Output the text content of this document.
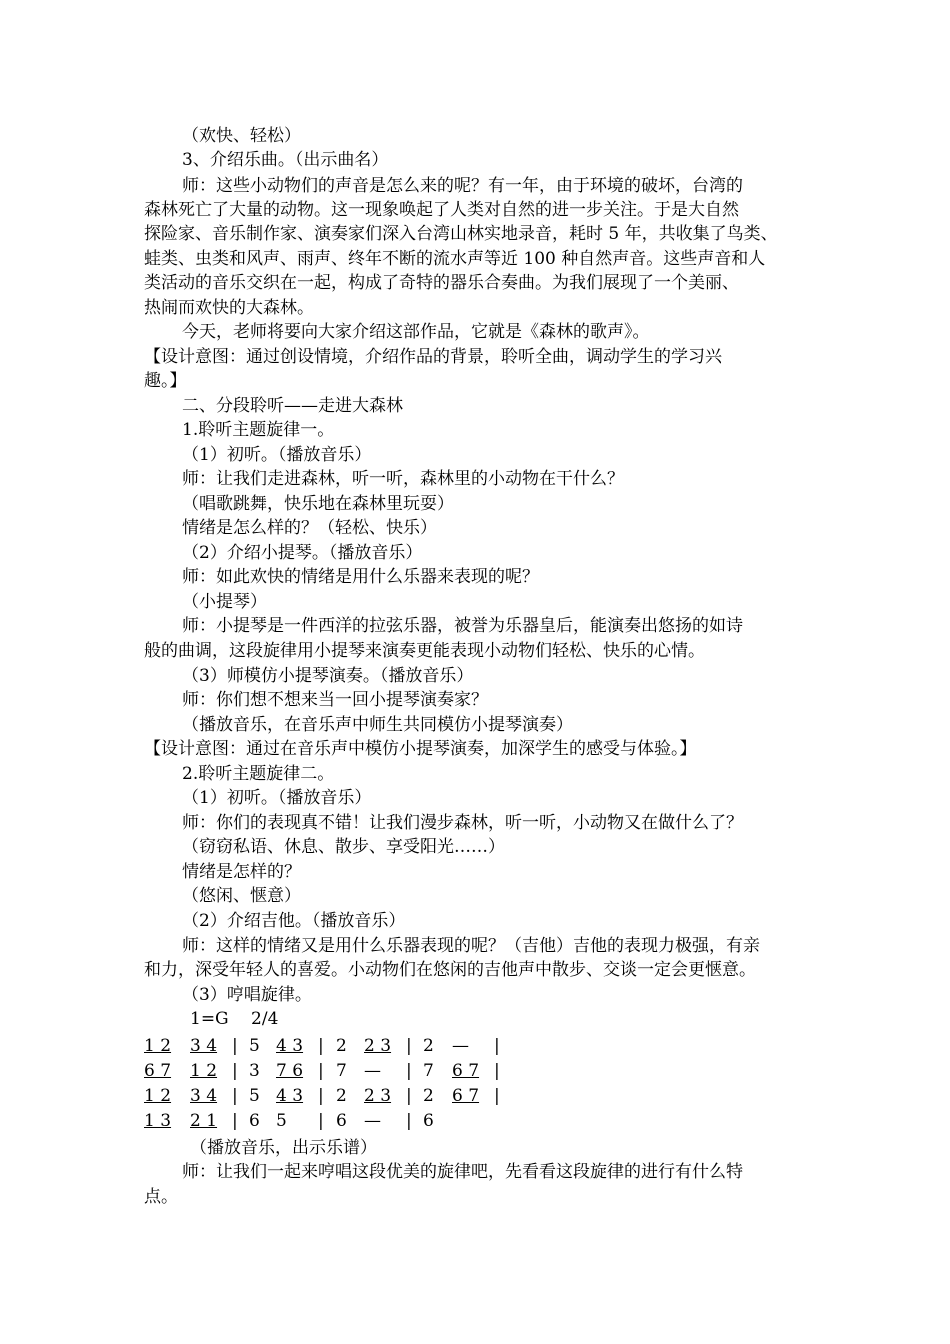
（欢快、轻松）
3、介绍乐曲。（出示曲名）
师：这些小动物们的声音是怎么来的呢？有一年，由于环境的破坏，台湾的
森林死亡了大量的动物。这一现象唤起了人类对自然的进一步关注。于是大自然
探险家、音乐制作家、演奏家们深入台湾山林实地录音，耗时 5 年，共收集了鸟类、
蛙类、虫类和风声、雨声、终年不断的流水声等近 100 种自然声音。这些声音和人
类活动的音乐交织在一起，构成了奇特的器乐合奏曲。为我们展现了一个美丽、
热闹而欢快的大森林。
今天，老师将要向大家介绍这部作品，它就是《森林的歌声》。
【设计意图：通过创设情境，介绍作品的背景，聆听全曲，调动学生的学习兴
趣。】
二、分段聆听——走进大森林
1.聆听主题旋律一。
（1）初听。（播放音乐）
师：让我们走进森林，听一听，森林里的小动物在干什么？
（唱歌跳舞，快乐地在森林里玩耍）
情绪是怎么样的？（轻松、快乐）
（2）介绍小提琴。（播放音乐）
师：如此欢快的情绪是用什么乐器来表现的呢？
（小提琴）
师：小提琴是一件西洋的拉弦乐器，被誉为乐器皇后，能演奏出悠扬的如诗
般的曲调，这段旋律用小提琴来演奏更能表现小动物们轻松、快乐的心情。
（3）师模仿小提琴演奏。（播放音乐）
师：你们想不想来当一回小提琴演奏家？
（播放音乐，在音乐声中师生共同模仿小提琴演奏）
【设计意图：通过在音乐声中模仿小提琴演奏，加深学生的感受与体验。】
2.聆听主题旋律二。
（1）初听。（播放音乐）
师：你们的表现真不错！让我们漫步森林，听一听，小动物又在做什么了？
（窃窃私语、休息、散步、享受阳光……）
情绪是怎样的？
（悠闲、惬意）
（2）介绍吉他。（播放音乐）
师：这样的情绪又是用什么乐器表现的呢？（吉他）吉他的表现力极强，有亲
和力，深受年轻人的喜爱。小动物们在悠闲的吉他声中散步、交谈一定会更惬意。
（3）哼唱旋律。
1=G　 2/4
1 2 3 4 | 5 4 3 | 2 2 3 | 2 — |
6 7 1 2 | 3 7 6 | 7 — | 7 6 7 |
1 2 3 4 | 5 4 3 | 2 2 3 | 2 6 7 |
1 3 2 1 | 6 5 | 6 — | 6
（播放音乐，出示乐谱）
师：让我们一起来哼唱这段优美的旋律吧，先看看这段旋律的进行有什么特
点。
